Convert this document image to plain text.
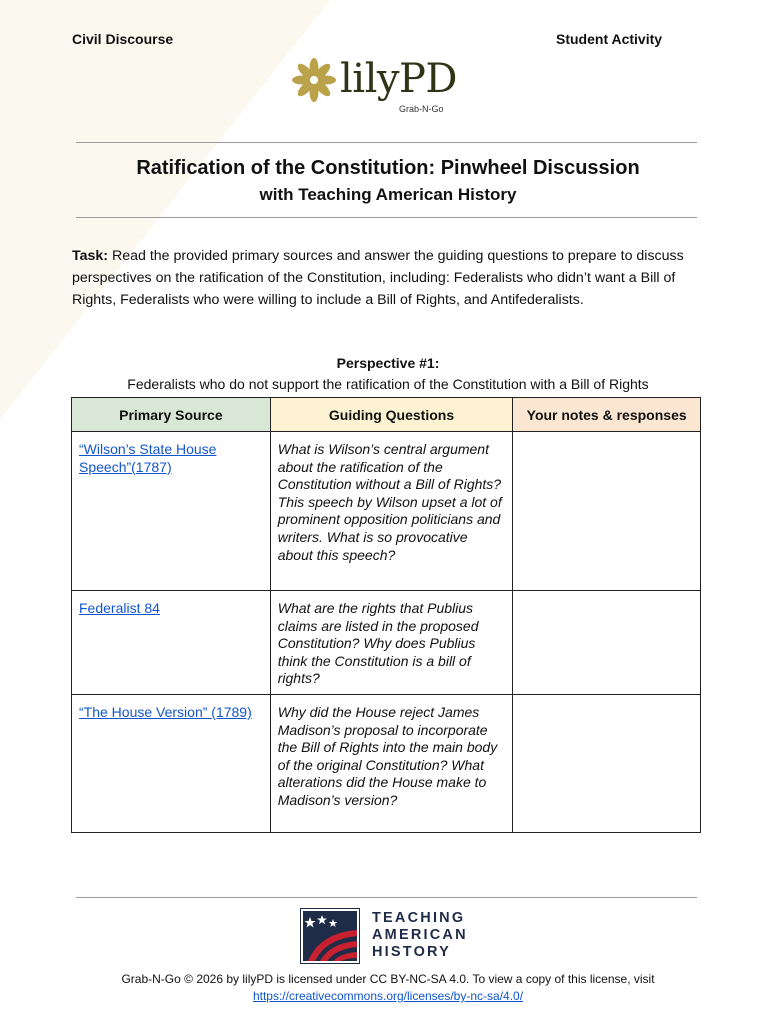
Civil Discourse	Student Activity
lilyPD
Grab-N-Go
Ratification of the Constitution: Pinwheel Discussion
with Teaching American History
Task: Read the provided primary sources and answer the guiding questions to prepare to discuss perspectives on the ratification of the Constitution, including: Federalists who didn’t want a Bill of Rights, Federalists who were willing to include a Bill of Rights, and Antifederalists.
Perspective #1:
Federalists who do not support the ratification of the Constitution with a Bill of Rights
Primary Source	Guiding Questions	Your notes & responses
“Wilson’s State House Speech”(1787)	What is Wilson’s central argument about the ratification of the Constitution without a Bill of Rights? This speech by Wilson upset a lot of prominent opposition politicians and writers. What is so provocative about this speech?	
Federalist 84	What are the rights that Publius claims are listed in the proposed Constitution? Why does Publius think the Constitution is a bill of rights?	
“The House Version” (1789)	Why did the House reject James Madison’s proposal to incorporate the Bill of Rights into the main body of the original Constitution? What alterations did the House make to Madison’s version?	
TEACHING
AMERICAN
HISTORY
Grab-N-Go © 2026 by lilyPD is licensed under CC BY-NC-SA 4.0. To view a copy of this license, visit
https://creativecommons.org/licenses/by-nc-sa/4.0/
